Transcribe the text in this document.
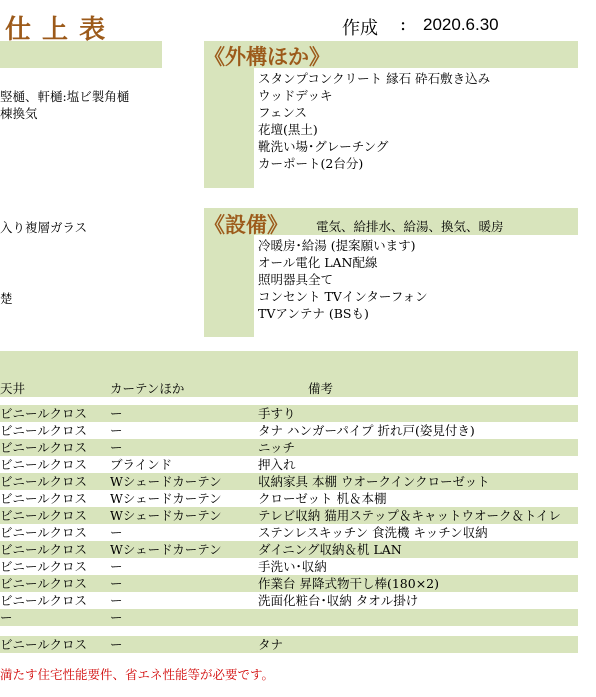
仕 上 表	作成 : 2020.6.30
竪樋、軒樋:塩ビ製角樋
棟換気
入り複層ガラス
楚
《外構ほか》
スタンプコンクリート 縁石 砕石敷き込み
ウッドデッキ
フェンス
花壇(黒土)
靴洗い場･グレーチング
カーポート(2台分)
《設備》 電気、給排水、給湯、換気、暖房
冷暖房･給湯 (提案願います)
オール電化 LAN配線
照明器具全て
コンセント TVインターフォン
TVアンテナ (BSも)
天井	カーテンほか	備考
ビニールクロス ー	手すり
ビニールクロス ー	タナ ハンガーパイプ 折れ戸(姿見付き)
ビニールクロス ー	ニッチ
ビニールクロス ブラインド	押入れ
ビニールクロス Wシェードカーテン	収納家具 本棚 ウオークインクローゼット
ビニールクロス Wシェードカーテン	クローゼット 机＆本棚
ビニールクロス Wシェードカーテン	テレビ収納 猫用ステップ＆キャットウオーク＆トイレ
ビニールクロス ー	ステンレスキッチン 食洗機 キッチン収納
ビニールクロス Wシェードカーテン	ダイニング収納＆机 LAN
ビニールクロス ー	手洗い･収納
ビニールクロス ー	作業台 昇降式物干し棒(180×2)
ビニールクロス ー	洗面化粧台･収納 タオル掛け
ー	ー
ビニールクロス ー	タナ
満たす住宅性能要件、省エネ性能等が必要です。
